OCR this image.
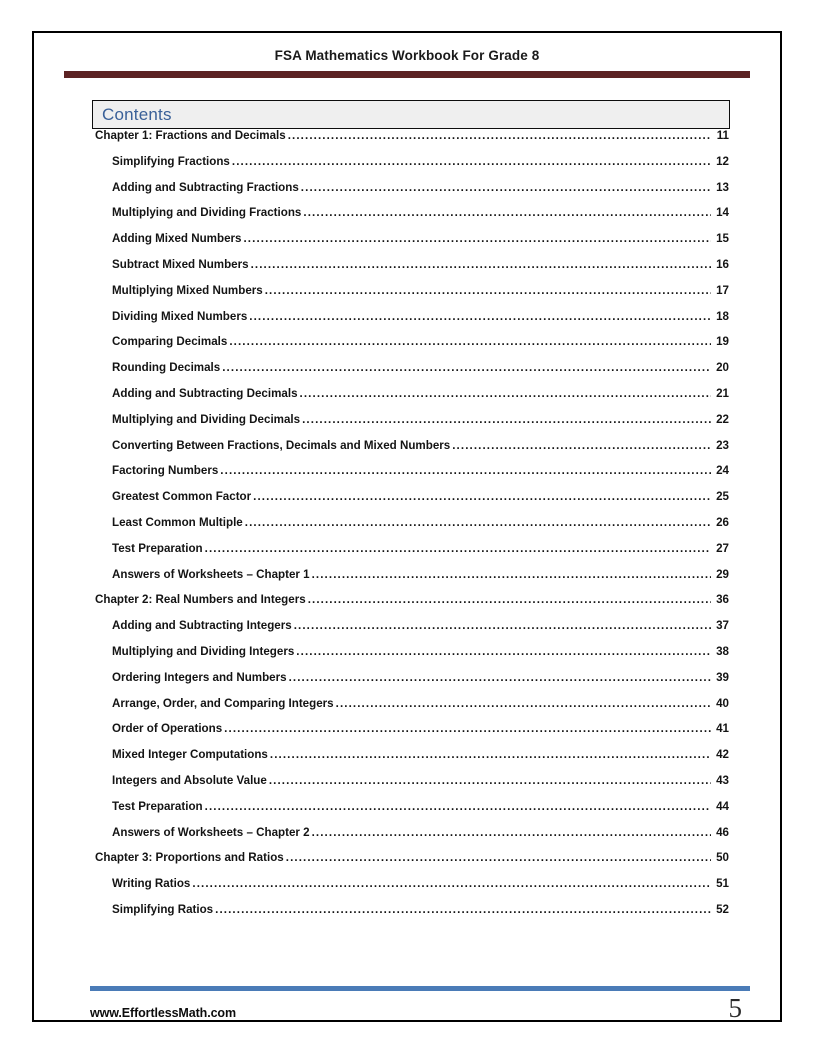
FSA Mathematics Workbook For Grade 8
Contents
Chapter 1: Fractions and Decimals .....	11
Simplifying Fractions .....	12
Adding and Subtracting Fractions .....	13
Multiplying and Dividing Fractions .....	14
Adding Mixed Numbers .....	15
Subtract Mixed Numbers .....	16
Multiplying Mixed Numbers .....	17
Dividing Mixed Numbers .....	18
Comparing Decimals .....	19
Rounding Decimals .....	20
Adding and Subtracting Decimals .....	21
Multiplying and Dividing Decimals .....	22
Converting Between Fractions, Decimals and Mixed Numbers .....	23
Factoring Numbers .....	24
Greatest Common Factor .....	25
Least Common Multiple .....	26
Test Preparation .....	27
Answers of Worksheets – Chapter 1 .....	29
Chapter 2: Real Numbers and Integers .....	36
Adding and Subtracting Integers .....	37
Multiplying and Dividing Integers .....	38
Ordering Integers and Numbers .....	39
Arrange, Order, and Comparing Integers .....	40
Order of Operations .....	41
Mixed Integer Computations .....	42
Integers and Absolute Value .....	43
Test Preparation .....	44
Answers of Worksheets – Chapter 2 .....	46
Chapter 3: Proportions and Ratios .....	50
Writing Ratios .....	51
Simplifying Ratios .....	52
www.EffortlessMath.com	5
